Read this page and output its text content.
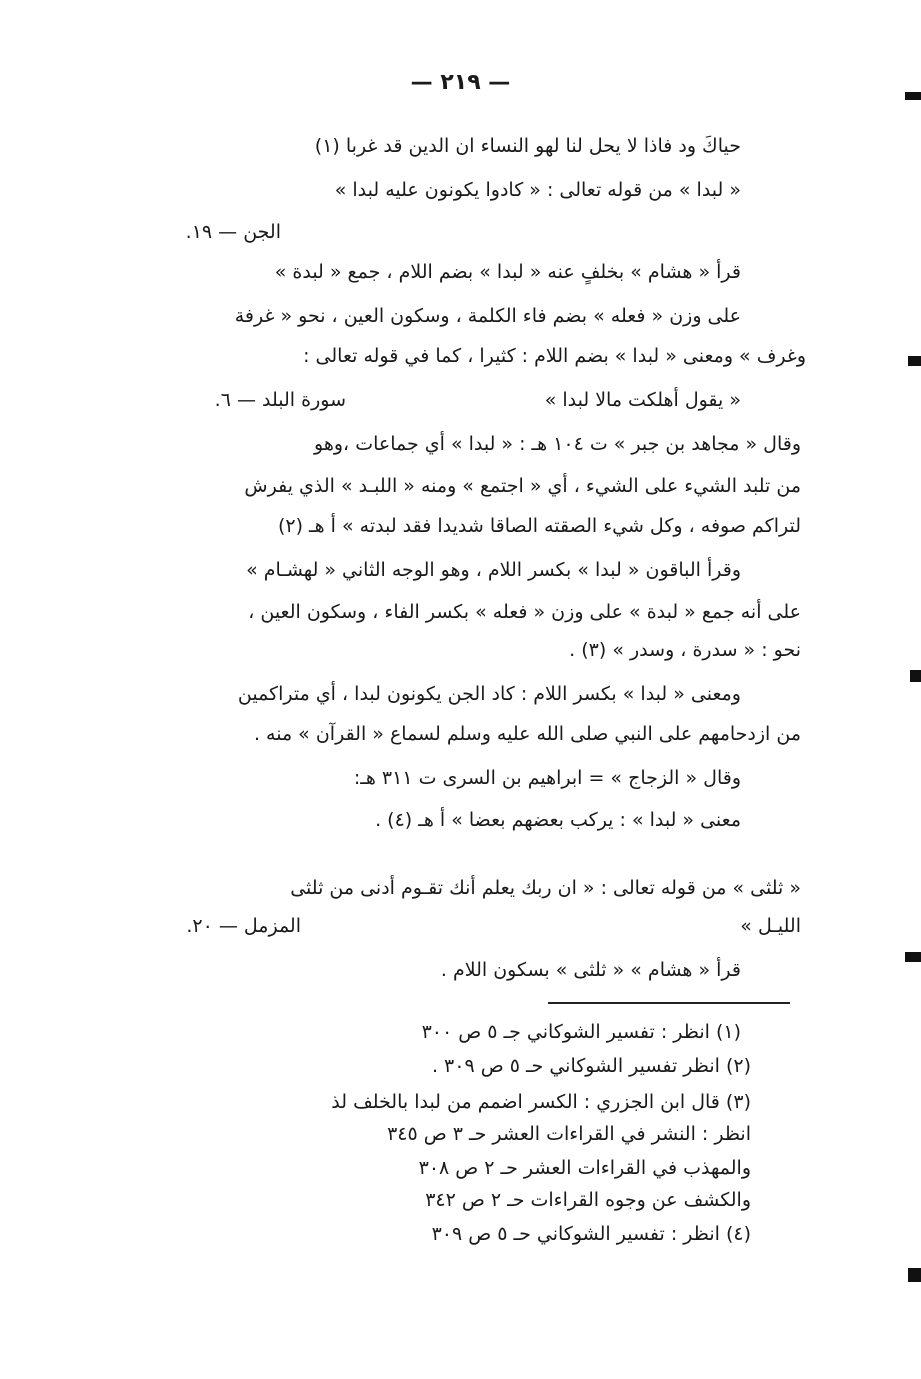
— ٢١٩ —
حياكَ ود فاذا لا يحل لنا لهو النساء ان الدين قد غربا (١)
« لبدا » من قوله تعالى : « كادوا يكونون عليه لبدا »
الجن — ١٩.
قرأ « هشام » بخلفٍ عنه « لبدا » بضم اللام ، جمع « لبدة »
على وزن « فعله » بضم فاء الكلمة ، وسكون العين ، نحو « غرفة
وغرف » ومعنى « لبدا » بضم اللام : كثيرا ، كما في قوله تعالى :
« يقول أهلكت مالا لبدا »
سورة البلد — ٦.
وقال « مجاهد بن جبر » ت ١٠٤ هـ : « لبدا » أي جماعات ،وهو
من تلبد الشيء على الشيء ، أي « اجتمع » ومنه « اللبـد » الذي يفرش
لتراكم صوفه ، وكل شيء الصقته الصاقا شديدا فقد لبدته » أ هـ (٢)
وقرأ الباقون « لبدا » بكسر اللام ، وهو الوجه الثاني « لهشـام »
على أنه جمع « لبدة » على وزن « فعله » بكسر الفاء ، وسكون العين ،
نحو : « سدرة ، وسدر » (٣) .
ومعنى « لبدا » بكسر اللام : كاد الجن يكونون لبدا ، أي متراكمين
من ازدحامهم على النبي صلى الله عليه وسلم لسماع « القرآن » منه .
وقال « الزجاج » = ابراهيم بن السرى ت ٣١١ هـ:
معنى « لبدا » : يركب بعضهم بعضا » أ هـ (٤) .
« ثلثى » من قوله تعالى : « ان ربك يعلم أنك تقـوم أدنى من ثلثى
الليـل »
المزمل — ٢٠.
قرأ « هشام » « ثلثى » بسكون اللام .
(١) انظر : تفسير الشوكاني جـ ٥ ص ٣٠٠
(٢) انظر تفسير الشوكاني حـ ٥ ص ٣٠٩ .
(٣) قال ابن الجزري : الكسر اضمم من لبدا بالخلف لذ
انظر : النشر في القراءات العشر حـ ٣ ص ٣٤٥
والمهذب في القراءات العشر حـ ٢ ص ٣٠٨
والكشف عن وجوه القراءات حـ ٢ ص ٣٤٢
(٤) انظر : تفسير الشوكاني حـ ٥ ص ٣٠٩
